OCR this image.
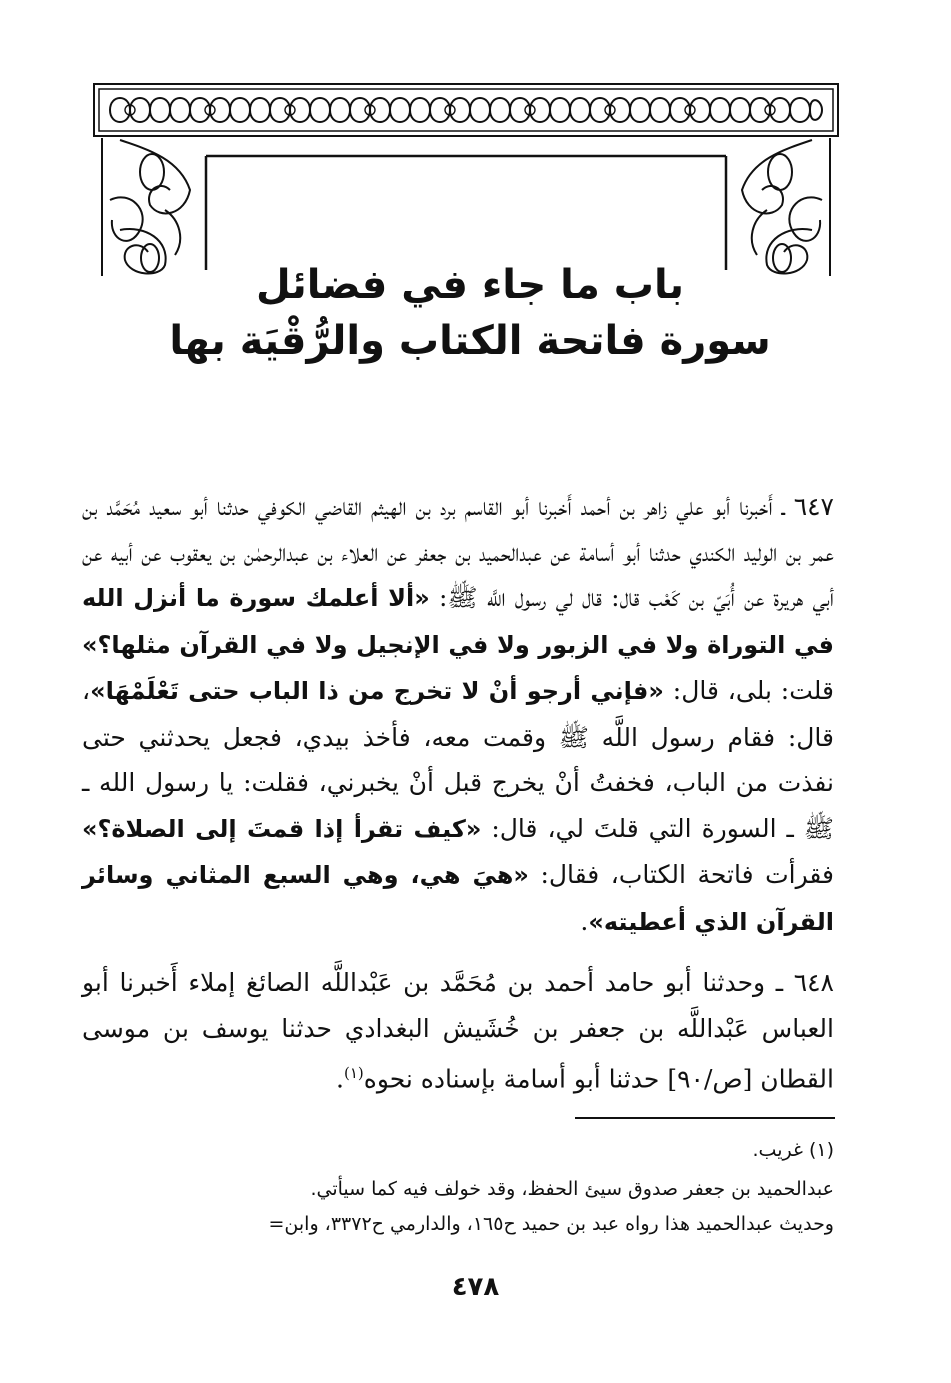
باب ما جاء في فضائل
سورة فاتحة الكتاب والرُّقْيَة بها
٦٤٧ ـ أَخبرنا أبو علي زاهر بن أحمد أَخبرنا أبو القاسم برد بن الهيثم القاضي الكوفي حدثنا أبو سعيد مُحَمَّد بن عمر بن الوليد الكندي حدثنا أبو أسامة عن عبدالحميد بن جعفر عن العلاء بن عبدالرحمٰن بن يعقوب عن أبيه عن أبي هريرة عن أُبَيّ بن كَعْب قال: قال لي رسول اللَّه ﷺ: «ألا أعلمك سورة ما أنزل الله في التوراة ولا في الزبور ولا في الإنجيل ولا في القرآن مثلها؟» قلت: بلى، قال: «فإني أرجو أنْ لا تخرج من ذا الباب حتى تَعْلَمْهَا»، قال: فقام رسول اللَّه ﷺ وقمت معه، فأخذ بيدي، فجعل يحدثني حتى نفذت من الباب، فخفتُ أنْ يخرج قبل أنْ يخبرني، فقلت: يا رسول الله ـ ﷺ ـ السورة التي قلتَ لي، قال: «كيف تقرأ إذا قمتَ إلى الصلاة؟» فقرأت فاتحة الكتاب، فقال: «هيَ هي، وهي السبع المثاني وسائر القرآن الذي أعطيته».
٦٤٨ ـ وحدثنا أبو حامد أحمد بن مُحَمَّد بن عَبْداللَّه الصائغ إملاء أَخبرنا أبو العباس عَبْداللَّه بن جعفر بن خُشَيش البغدادي حدثنا يوسف بن موسى القطان [ص/٩٠] حدثنا أبو أسامة بإسناده نحوه$^{(١)}$.
(١) غريب.
عبدالحميد بن جعفر صدوق سيئ الحفظ، وقد خولف فيه كما سيأتي.
وحديث عبدالحميد هذا رواه عبد بن حميد ح١٦٥، والدارمي ح٣٣٧٢، وابن=
٤٧٨
